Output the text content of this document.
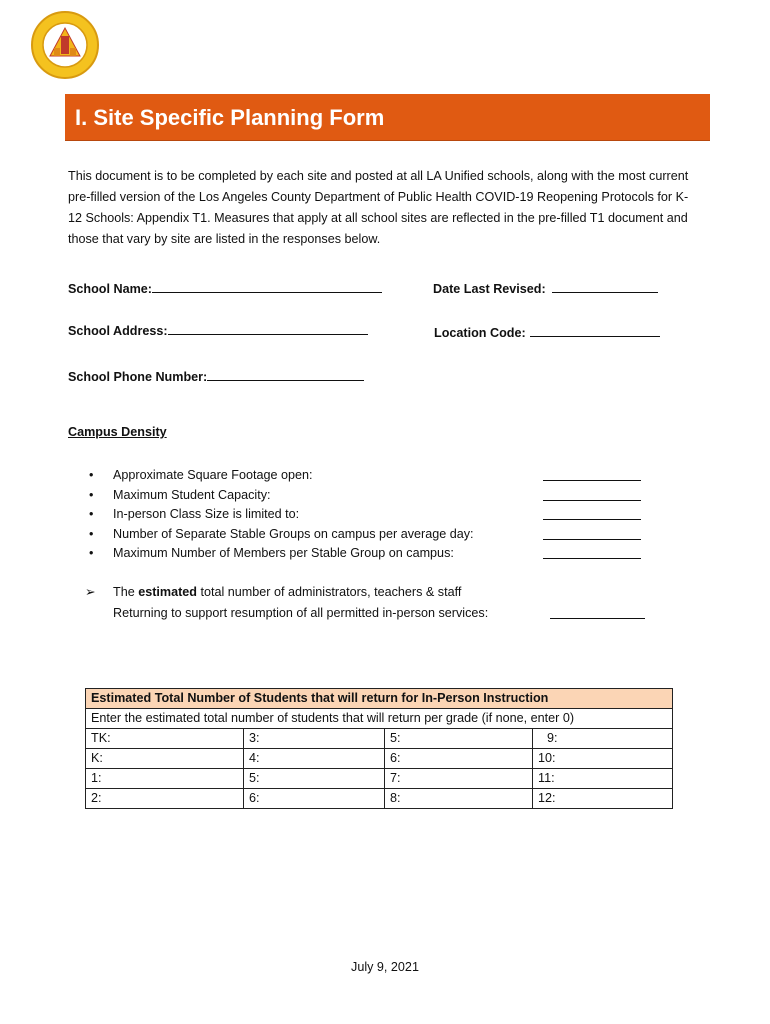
I. Site Specific Planning Form

This document is to be completed by each site and posted at all LA Unified schools, along with the most current pre-filled version of the Los Angeles County Department of Public Health COVID-19 Reopening Protocols for K-12 Schools: Appendix T1. Measures that apply at all school sites are reflected in the pre-filled T1 document and those that vary by site are listed in the responses below.

School Name:	Date Last Revised:
School Address:	Location Code:
School Phone Number:
Campus Density
• Approximate Square Footage open:
• Maximum Student Capacity:
• In-person Class Size is limited to:
• Number of Separate Stable Groups on campus per average day:
• Maximum Number of Members per Stable Group on campus:
➢	The estimated total number of administrators, teachers & staff
Returning to support resumption of all permitted in-person services:
Estimated Total Number of Students that will return for In-Person Instruction			
Enter the estimated total number of students that will return per grade (if none, enter 0)			
TK:	3:	5:	9:
K:	4:	6:	10:
1:	5:	7:	11:
2:	6:	8:	12:
July 9, 2021
